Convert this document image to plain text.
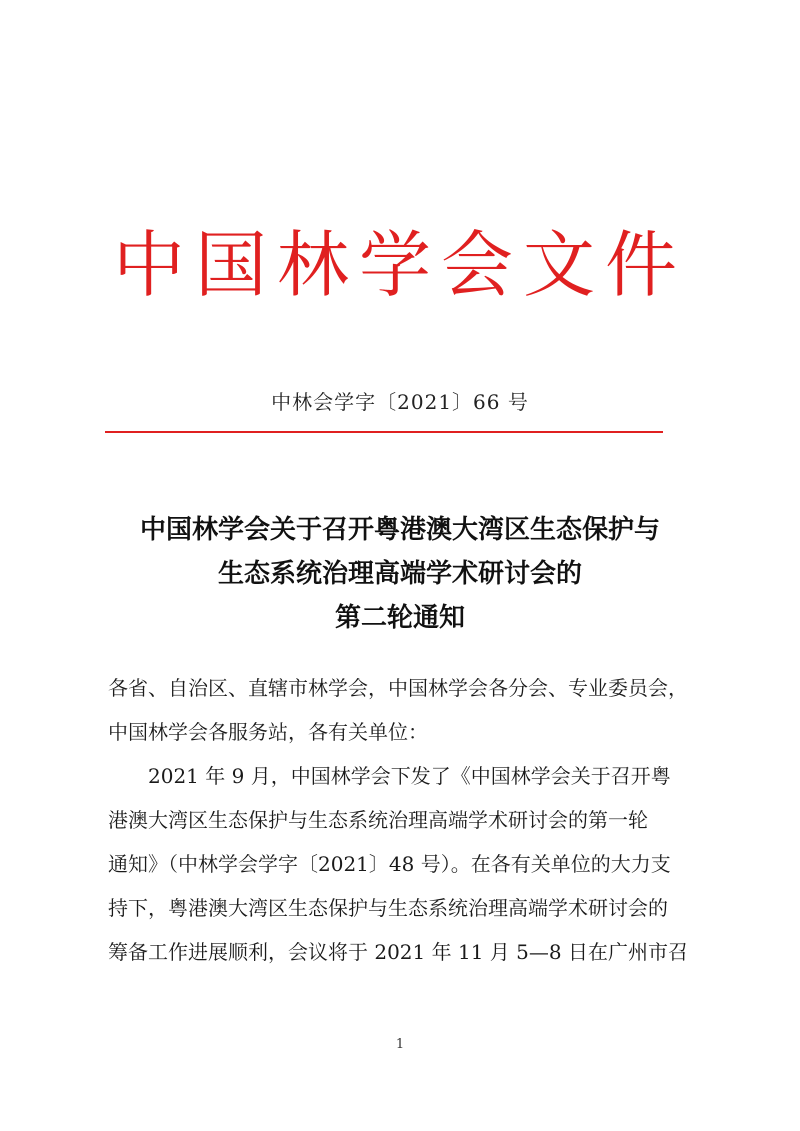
中国林学会文件
中林会学字〔2021〕66 号
中国林学会关于召开粤港澳大湾区生态保护与
生态系统治理高端学术研讨会的
第二轮通知
各省、自治区、直辖市林学会，中国林学会各分会、专业委员会，
中国林学会各服务站，各有关单位：
2021 年 9 月，中国林学会下发了《中国林学会关于召开粤
港澳大湾区生态保护与生态系统治理高端学术研讨会的第一轮
通知》（中林学会学字〔2021〕48 号）。在各有关单位的大力支
持下，粤港澳大湾区生态保护与生态系统治理高端学术研讨会的
筹备工作进展顺利，会议将于 2021 年 11 月 5—8 日在广州市召
1
